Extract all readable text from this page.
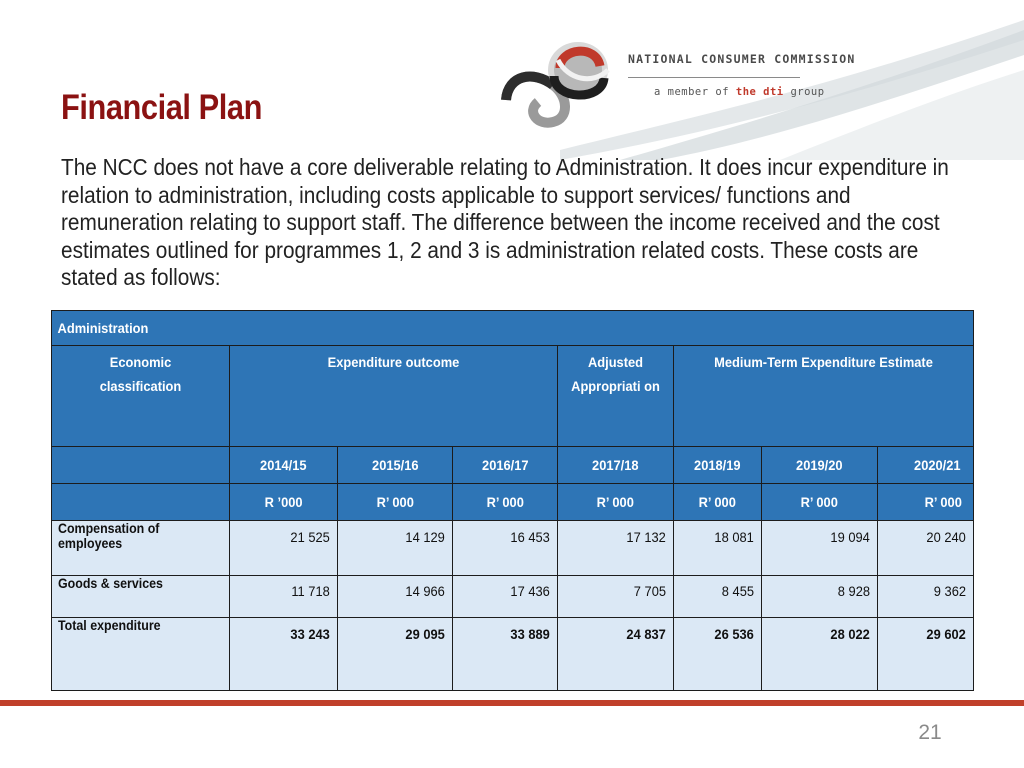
NATIONAL CONSUMER COMMISSION
a member of the dti group
Financial Plan

The NCC does not have a core deliverable relating to Administration. It does incur expenditure in relation to administration, including costs applicable to support services/ functions and remuneration relating to support staff. The difference between the income received and the cost estimates outlined for programmes 1, 2 and 3 is administration related costs. These costs are stated as follows:

Administration							

Economic classification	Expenditure outcome			Adjusted Appropriati on	Medium-Term Expenditure Estimate		

	2014/15	2015/16	2016/17	2017/18	2018/19	2019/20	2020/21
	R ’000	R’ 000	R’ 000	R’ 000	R’ 000	R’ 000	R’ 000
Compensation of employees	21 525	14 129	16 453	17 132	18 081	19 094	20 240
Goods & services	11 718	14 966	17 436	7 705	8 455	8 928	9 362
Total expenditure	33 243	29 095	33 889	24 837	26 536	28 022	29 602
21
